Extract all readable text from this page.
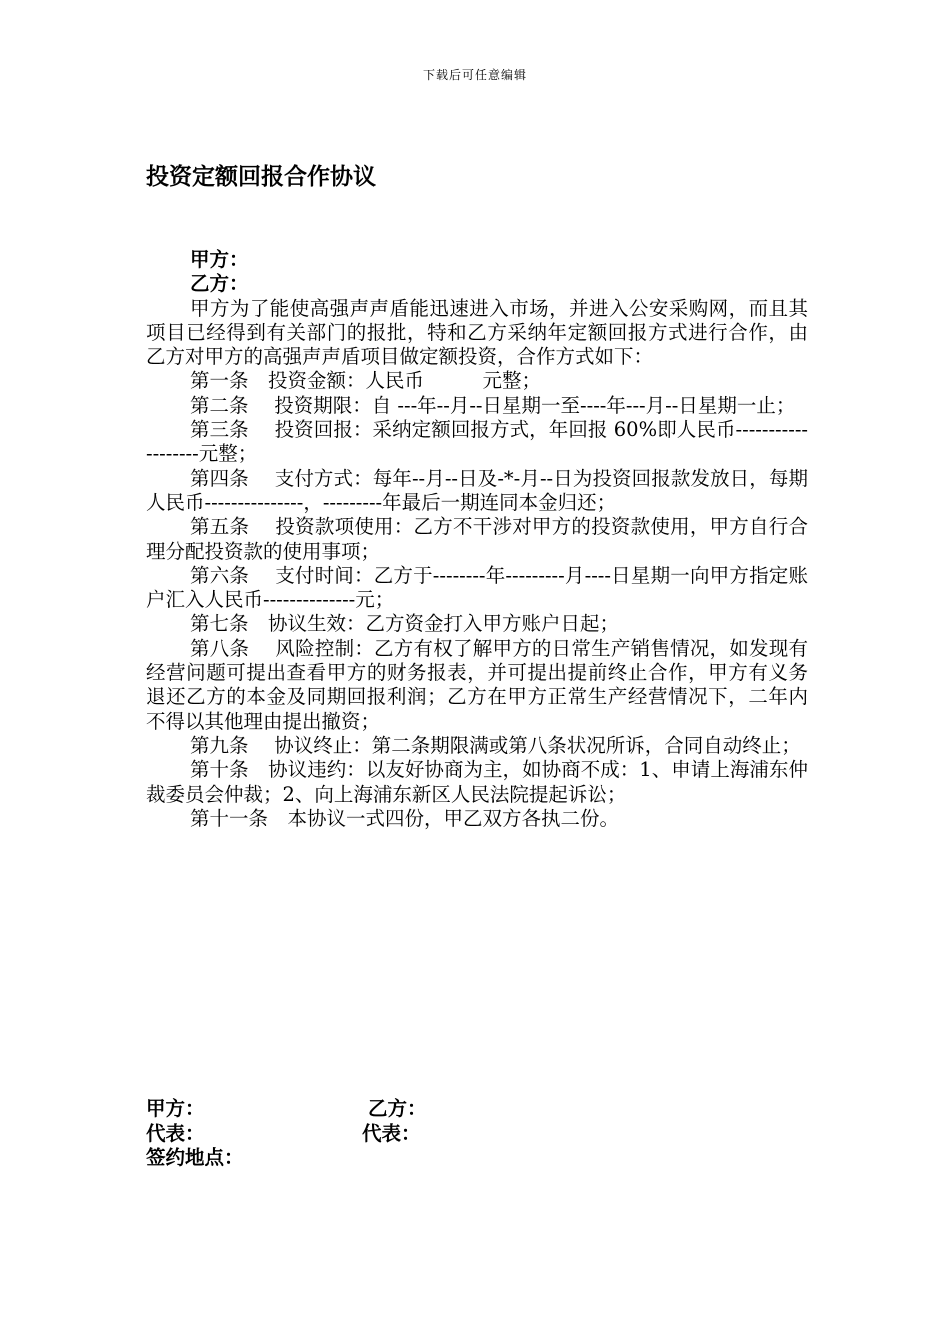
下载后可任意编辑
投资定额回报合作协议
甲方：
乙方：

甲方为了能使高强声声盾能迅速进入市场，并进入公安采购网，而且其项目已经得到有关部门的报批，特和乙方采纳年定额回报方式进行合作，由乙方对甲方的高强声声盾项目做定额投资，合作方式如下：

第一条　投资金额：人民币　　　元整；

第二条　 投资期限：自 ---年--月--日星期一至----年---月--日星期一止；

第三条　 投资回报：采纳定额回报方式，年回报 60%即人民币-------------------元整；

第四条　 支付方式：每年--月--日及-*-月--日为投资回报款发放日，每期人民币---------------，---------年最后一期连同本金归还；

第五条　 投资款项使用：乙方不干涉对甲方的投资款使用，甲方自行合理分配投资款的使用事项；

第六条　 支付时间：乙方于--------年---------月----日星期一向甲方指定账户汇入人民币--------------元；

第七条　协议生效：乙方资金打入甲方账户日起；

第八条　 风险控制：乙方有权了解甲方的日常生产销售情况，如发现有经营问题可提出查看甲方的财务报表，并可提出提前终止合作，甲方有义务退还乙方的本金及同期回报利润；乙方在甲方正常生产经营情况下，二年内不得以其他理由提出撤资；

第九条　 协议终止：第二条期限满或第八条状况所诉，合同自动终止；

第十条　协议违约：以友好协商为主，如协商不成：1、申请上海浦东仲裁委员会仲裁；2、向上海浦东新区人民法院提起诉讼；

第十一条　本协议一式四份，甲乙双方各执二份。

甲方：	乙方：
代表：	代表：
签约地点：
